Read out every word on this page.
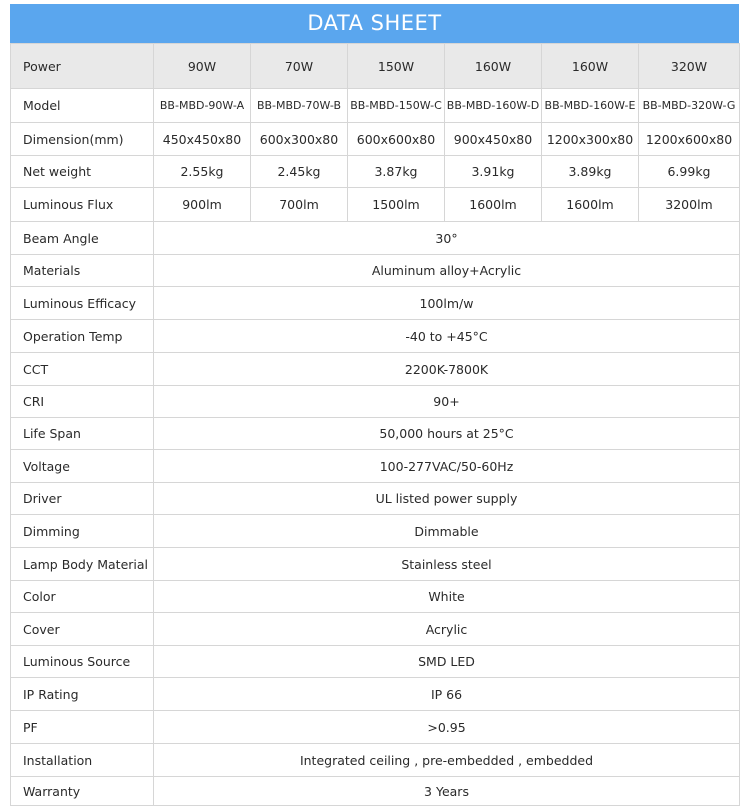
DATA SHEET
Power	90W	70W	150W	160W	160W	320W
Model	BB-MBD-90W-A	BB-MBD-70W-B	BB-MBD-150W-C	BB-MBD-160W-D	BB-MBD-160W-E	BB-MBD-320W-G
Dimension(mm)	450x450x80	600x300x80	600x600x80	900x450x80	1200x300x80	1200x600x80
Net weight	2.55kg	2.45kg	3.87kg	3.91kg	3.89kg	6.99kg
Luminous Flux	900lm	700lm	1500lm	1600lm	1600lm	3200lm
Beam Angle	30°					
Materials	Aluminum alloy+Acrylic					
Luminous Efficacy	100lm/w					
Operation Temp	-40 to +45°C					
CCT	2200K-7800K					
CRI	90+					
Life Span	50,000 hours at 25°C					
Voltage	100-277VAC/50-60Hz					
Driver	UL listed power supply					
Dimming	Dimmable					
Lamp Body Material	Stainless steel					
Color	White					
Cover	Acrylic					
Luminous Source	SMD LED					
IP Rating	IP 66					
PF	>0.95					
Installation	Integrated ceiling , pre-embedded , embedded					
Warranty	3 Years					
